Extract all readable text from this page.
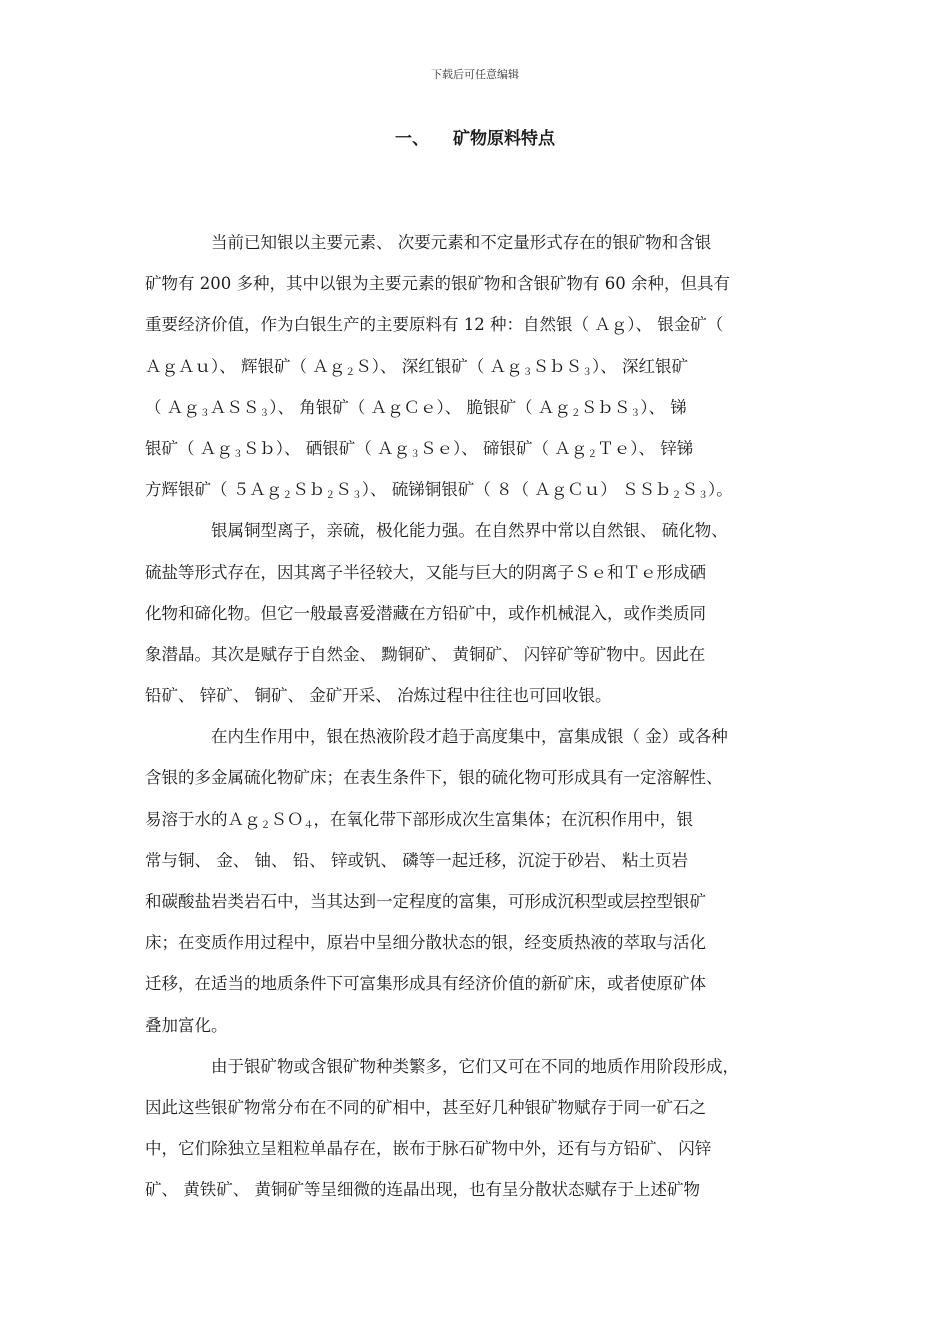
下载后可任意编辑
一、 矿物原料特点
当前已知银以主要元素、 次要元素和不定量形式存在的银矿物和含银
矿物有 200 多种，其中以银为主要元素的银矿物和含银矿物有 60 余种，但具有
重要经济价值，作为白银生产的主要原料有 12 种：自然银（ Ａｇ）、 银金矿（
ＡｇＡｕ）、 辉银矿（ Ａｇ$_2$Ｓ）、 深红银矿（ Ａｇ$_3$ＳｂＳ$_3$）、 深红银矿
（ Ａｇ$_3$ＡＳＳ$_3$）、 角银矿（ ＡｇＣｅ）、 脆银矿（ Ａｇ$_2$ＳｂＳ$_3$）、 锑
银矿（ Ａｇ$_3$Ｓｂ）、 硒银矿（ Ａｇ$_3$Ｓｅ）、 碲银矿（ Ａｇ$_2$Ｔｅ）、 锌锑
方辉银矿（ ５Ａｇ$_2$Ｓｂ$_2$Ｓ$_3$）、 硫锑铜银矿（ ８（ ＡｇＣｕ） ＳＳｂ$_2$Ｓ$_3$）。
银属铜型离子，亲硫，极化能力强。在自然界中常以自然银、 硫化物、
硫盐等形式存在，因其离子半径较大，又能与巨大的阴离子Ｓｅ和Ｔｅ形成硒
化物和碲化物。但它一般最喜爱潜藏在方铅矿中，或作机械混入，或作类质同
象潜晶。其次是赋存于自然金、 黝铜矿、 黄铜矿、 闪锌矿等矿物中。因此在
铅矿、 锌矿、 铜矿、 金矿开采、 冶炼过程中往往也可回收银。
在内生作用中，银在热液阶段才趋于高度集中，富集成银（ 金）或各种
含银的多金属硫化物矿床；在表生条件下，银的硫化物可形成具有一定溶解性、
易溶于水的Ａｇ$_2$ＳＯ$_4$，在氧化带下部形成次生富集体；在沉积作用中，银
常与铜、 金、 铀、 铅、 锌或钒、 磷等一起迁移，沉淀于砂岩、 粘土页岩
和碳酸盐岩类岩石中，当其达到一定程度的富集，可形成沉积型或层控型银矿
床；在变质作用过程中，原岩中呈细分散状态的银，经变质热液的萃取与活化
迁移，在适当的地质条件下可富集形成具有经济价值的新矿床，或者使原矿体
叠加富化。
由于银矿物或含银矿物种类繁多，它们又可在不同的地质作用阶段形成，
因此这些银矿物常分布在不同的矿相中，甚至好几种银矿物赋存于同一矿石之
中，它们除独立呈粗粒单晶存在，嵌布于脉石矿物中外，还有与方铅矿、 闪锌
矿、 黄铁矿、 黄铜矿等呈细微的连晶出现，也有呈分散状态赋存于上述矿物
